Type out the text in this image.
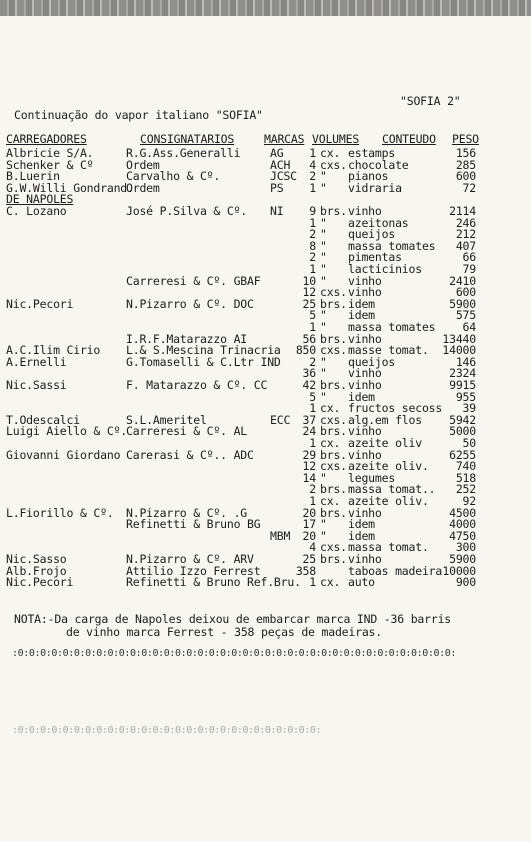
Continuação do vapor italiano "SOFIA"
"SOFIA 2"
CARREGADORES	CONSIGNATARIOS	MARCAS VOLUMES CONTEUDO PESO
Albricie S/A.	R.G.Ass.Generalli	AG	1 cx. estamps	156
Schenker & Cº	Ordem	ACH	4 cxs. chocolate	285
B.Luerin	Carvalho & Cº.	JCSC	2 " pianos	600
G.W.Willi Gondrand.
Ordem	PS	1 " vidraria	72
DE NAPOLES
C. Lozano	José P.Silva & Cº. NI	9 brs. vinho	2114
1 " azeitonas	246
2 " queijos	212
8 " massa tomates	407
2 " pimentas	66
1 " lacticinios	79
Carreresi & Cº. GBAF	10 " vinho	2410
12 cxs. vinho	600
Nic.Pecori	N.Pizarro & Cº. DOC	25 brs. idem	5900
5 " idem	575
1 " massa tomates	64
I.R.F.Matarazzo AI	56 brs. vinho	13440
A.C.Ilim Cirio L.& S.Mescina Trinacria	850 cxs. masse tomat.	14000
A.Ernelli	G.Tomaselli & C.Ltr IND	2 " queijos	146
36 " vinho	2324
Nic.Sassi	F. Matarazzo & Cº. CC	42 brs. vinho	9915
5 " idem	955
1 cx. fructos secoss	39
T.Odescalci	S.L.Ameritel	ECC	37 cxs. alg.em flos	5942
Luigi Aiello & Cº.
Carreresi & Cº. AL	24 brs. vinho	5000
1 cx. azeite oliv	50
Giovanni Giordano Carerasi & Cº.. ADC	29 brs. vinho	6255
12 cxs. azeite oliv.	740
14 " legumes	518
2 brs. massa tomat..	252
1 cx. azeite oliv.	92
L.Fiorillo & Cº. N.Pizarro & Cº. .G	20 brs. vinho	4500
Refinetti & Bruno BG	17 " idem	4000
MBM	20 " idem	4750
4 cxs. massa tomat.	300
Nic.Sasso	N.Pizarro & Cº. ARV	25 brs. vinho	5900
Alb.Frojo	Attilio Izzo Ferrest	358	taboas madeira 10000
Nic.Pecori	Refinetti & Bruno Ref.Bru. 1 cx. auto	900
NOTA:-Da carga de Napoles deixou de embarcar marca IND -36 barris
de vinho marca Ferrest - 358 peças de madeiras.
:0:0:0:0:0:0:0:0:0:0:0:0:0:0:0:0:0:0:0:0:0:0:0:0:0:0:0:0:0:0:0:0:0:0:0:0:0:0:0:
:0:0:0:0:0:0:0:0:0:0:0:0:0:0:0:0:0:0:0:0:0:0:0:0:0:0:0:
